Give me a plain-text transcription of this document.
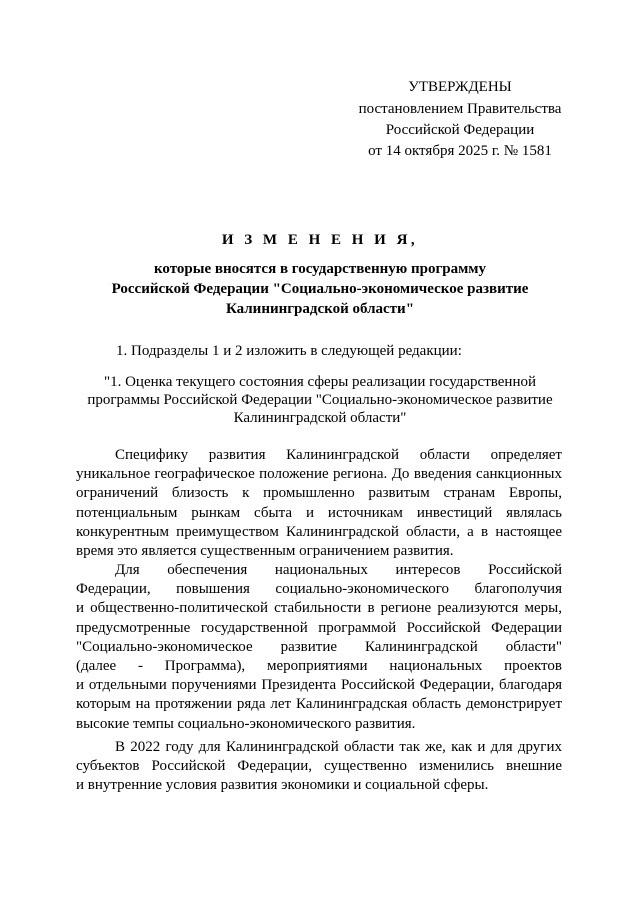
УТВЕРЖДЕНЫ
постановлением Правительства
Российской Федерации
от 14 октября 2025 г. № 1581
И З М Е Н Е Н И Я,
которые вносятся в государственную программу
Российской Федерации "Социально-экономическое развитие
Калининградской области"
1. Подразделы 1 и 2 изложить в следующей редакции:
"1. Оценка текущего состояния сферы реализации государственной
программы Российской Федерации "Социально-экономическое развитие
Калининградской области"
Специфику развития Калининградской области определяет
уникальное географическое положение региона. До введения санкционных
ограничений близость к промышленно развитым странам Европы,
потенциальным рынкам сбыта и источникам инвестиций являлась
конкурентным преимуществом Калининградской области, а в настоящее
время это является существенным ограничением развития.
Для обеспечения национальных интересов Российской
Федерации, повышения социально-экономического благополучия
и общественно-политической стабильности в регионе реализуются меры,
предусмотренные государственной программой Российской Федерации
"Социально-экономическое развитие Калининградской области"
(далее - Программа), мероприятиями национальных проектов
и отдельными поручениями Президента Российской Федерации, благодаря
которым на протяжении ряда лет Калининградская область демонстрирует
высокие темпы социально-экономического развития.
В 2022 году для Калининградской области так же, как и для других
субъектов Российской Федерации, существенно изменились внешние
и внутренние условия развития экономики и социальной сферы.
